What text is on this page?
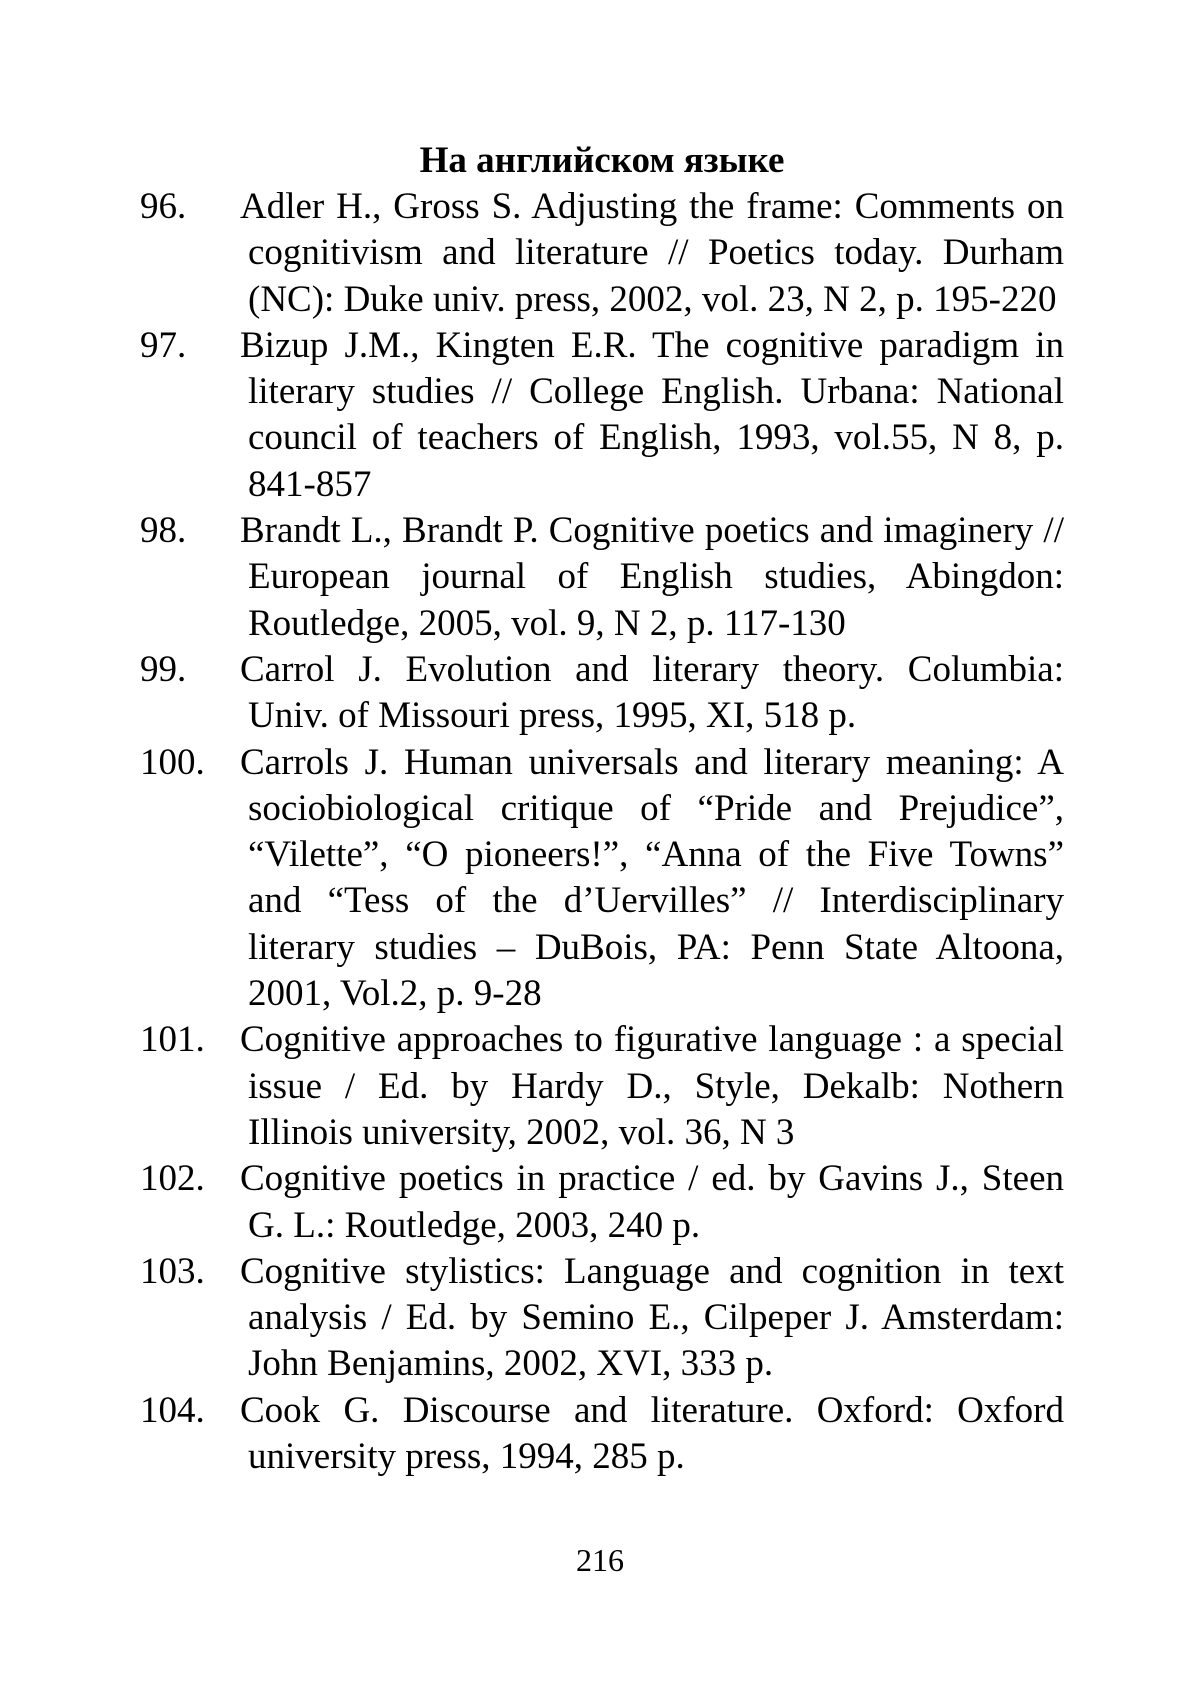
На английском языке
96.	Adler H., Gross S. Adjusting the frame: Comments on cognitivism and literature // Poetics today. Durham (NC): Duke univ. press, 2002, vol. 23, N 2, p. 195-220
97.	Bizup J.M., Kingten E.R. The cognitive paradigm in literary studies // College English. Urbana: National council of teachers of English, 1993, vol.55, N 8, p. 841-857
98.	Brandt L., Brandt P. Cognitive poetics and imaginery // European journal of English studies, Abingdon: Routledge, 2005, vol. 9, N 2, p. 117-130
99.	Carrol J. Evolution and literary theory. Columbia: Univ. of Missouri press, 1995, XI, 518 p.
100. Carrols J. Human universals and literary meaning: A sociobiological critique of “Pride and Prejudice”, “Vilette”, “O pioneers!”, “Anna of the Five Towns” and “Tess of the d’Uervilles” // Interdisciplinary literary studies – DuBois, PA: Penn State Altoona, 2001, Vol.2, p. 9-28
101. Cognitive approaches to figurative language : a special issue / Ed. by Hardy D., Style, Dekalb: Nothern Illinois university, 2002, vol. 36, N 3
102. Cognitive poetics in practice / ed. by Gavins J., Steen G. L.: Routledge, 2003, 240 p.
103. Cognitive stylistics: Language and cognition in text analysis / Ed. by Semino E., Cilpeper J. Amsterdam: John Benjamins, 2002, XVI, 333 p.
104. Cook G. Discourse and literature. Oxford: Oxford university press, 1994, 285 p.
216
